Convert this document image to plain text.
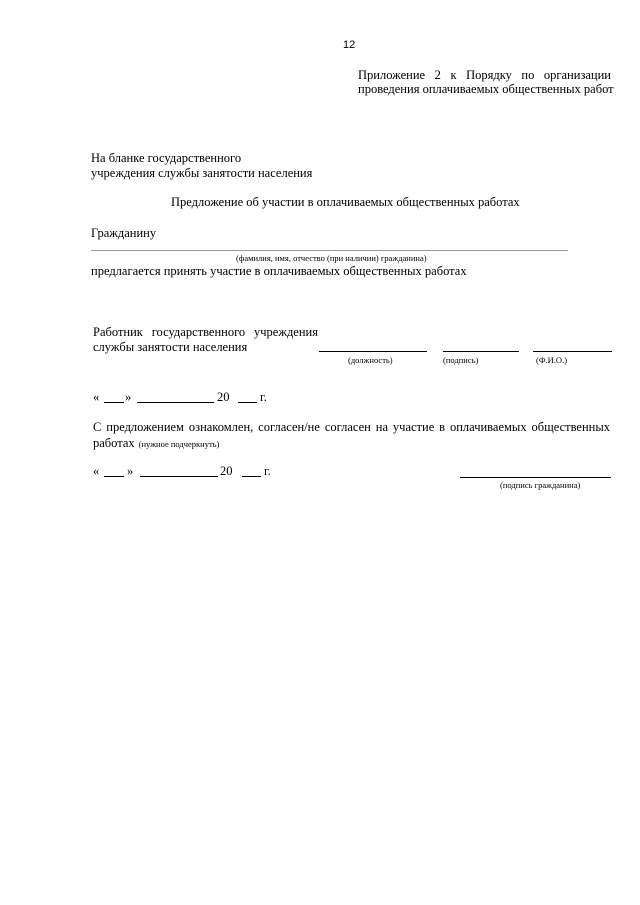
12
Приложение 2 к Порядку по организации
проведения оплачиваемых общественных работ
На бланке государственного
учреждения службы занятости населения
Предложение об участии в оплачиваемых общественных работах
Гражданину
(фамилия, имя, отчество (при наличии) гражданина)
предлагается принять участие в оплачиваемых общественных работах
Работник государственного учреждения
службы занятости населения
(должность)	(подпись)	(Ф.И.О.)
« »	20 г.
С предложением ознакомлен, согласен/не согласен на участие в оплачиваемых общественных
работах (нужное подчеркнуть)
« »	20	г.
(подпись гражданина)
